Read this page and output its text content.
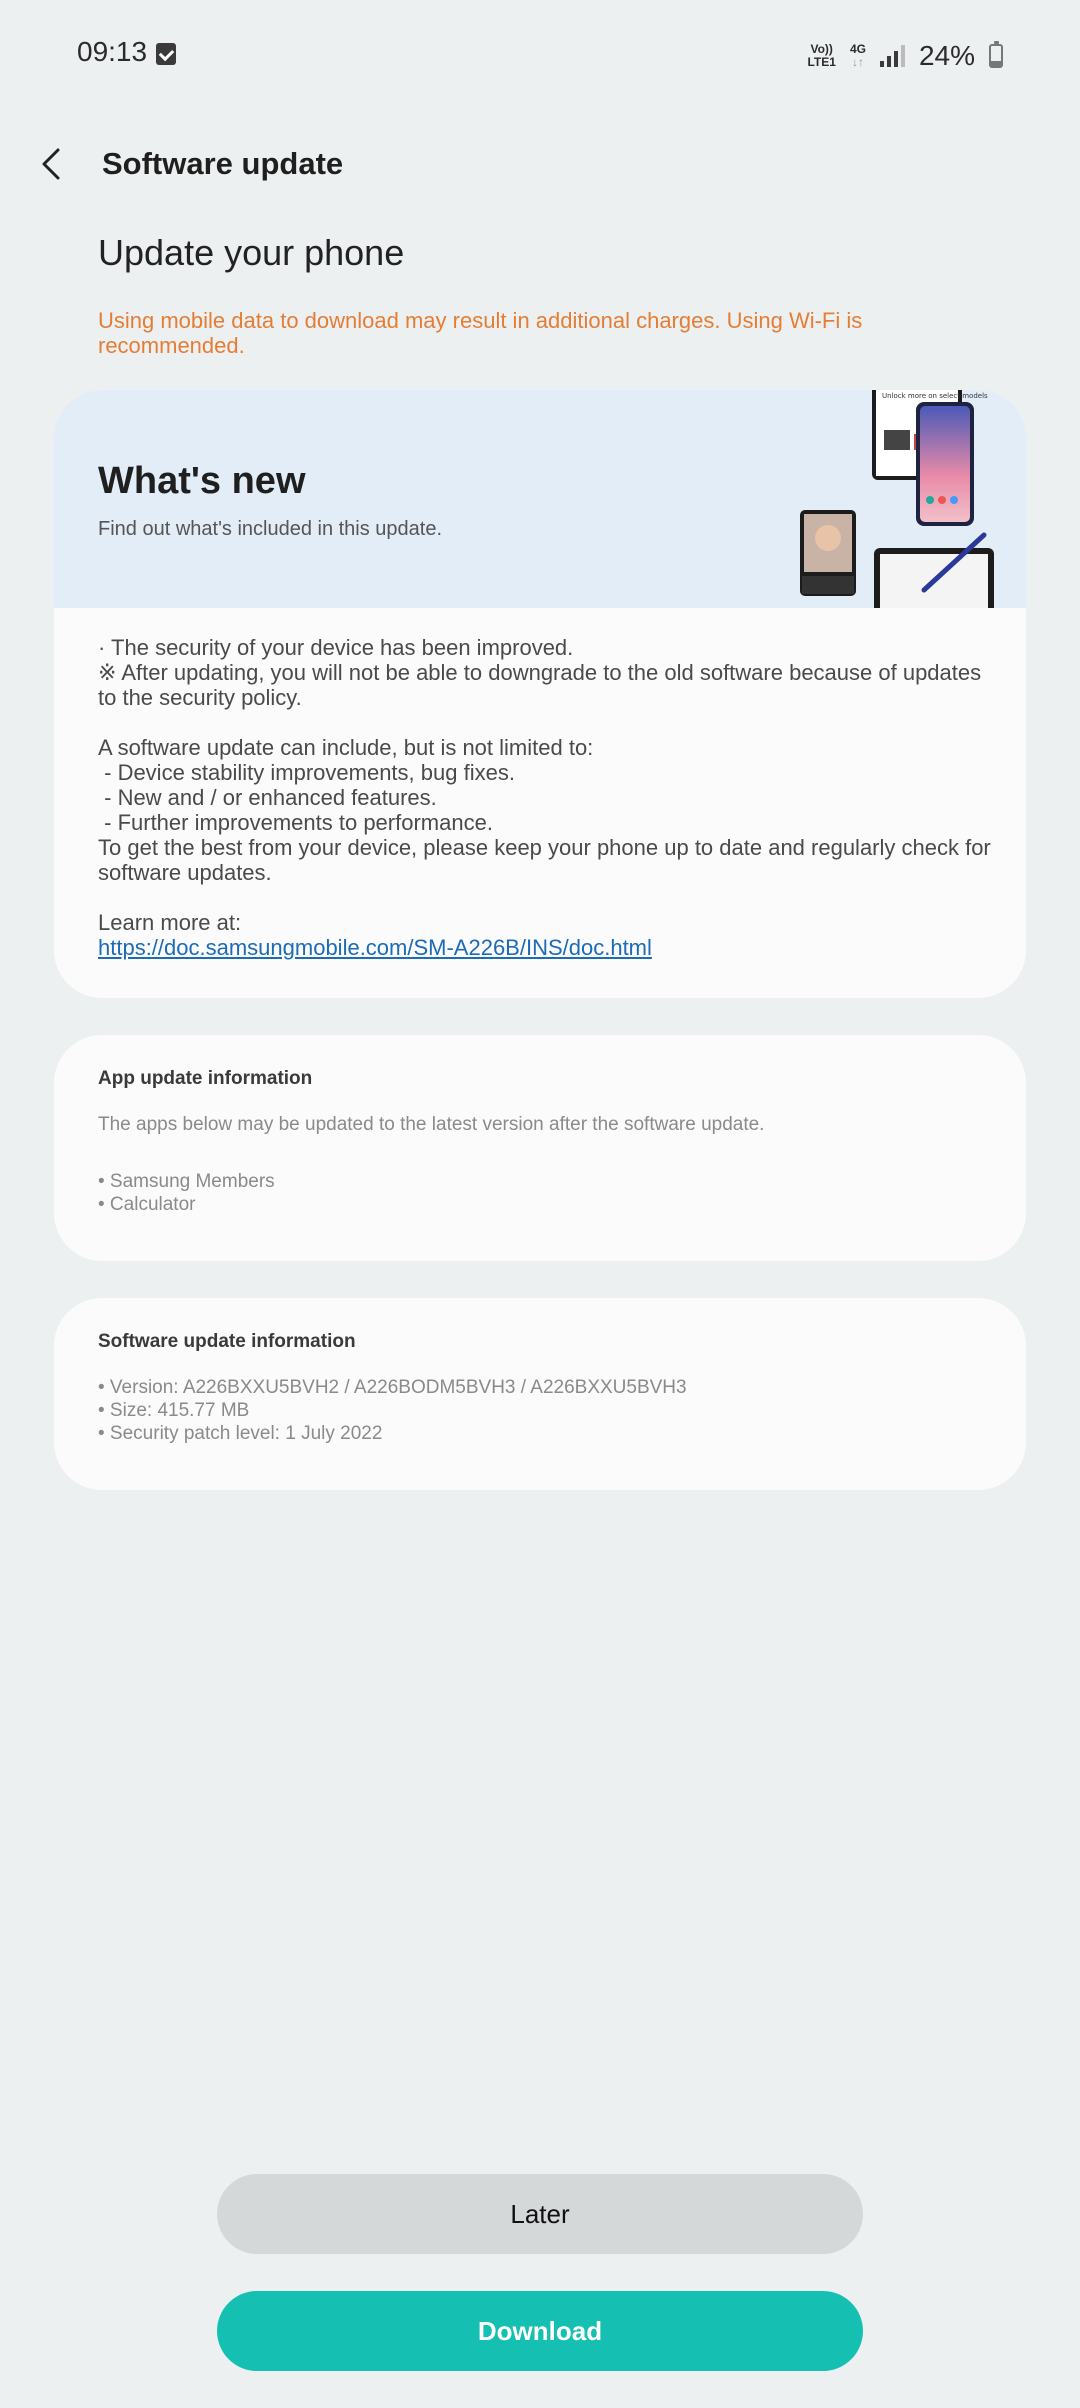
09:13	Vo))
LTE1
4G
↓↑ 24%
Software update
Update your phone
Using mobile data to download may result in additional charges. Using Wi-Fi is recommended.
What's new
Find out what's included in this update.
Unlock more on select models

· The security of your device has been improved.

※ After updating, you will not be able to downgrade to the old software because of updates to the security policy.

A software update can include, but is not limited to:

- Device stability improvements, bug fixes.

- New and / or enhanced features.

- Further improvements to performance.

To get the best from your device, please keep your phone up to date and regularly check for software updates.

Learn more at:

https://doc.samsungmobile.com/SM-A226B/INS/doc.html

App update information
The apps below may be updated to the latest version after the software update.
• Samsung Members
• Calculator
Software update information
• Version: A226BXXU5BVH2 / A226BODM5BVH3 / A226BXXU5BVH3
• Size: 415.77 MB
• Security patch level: 1 July 2022
Later
Download
